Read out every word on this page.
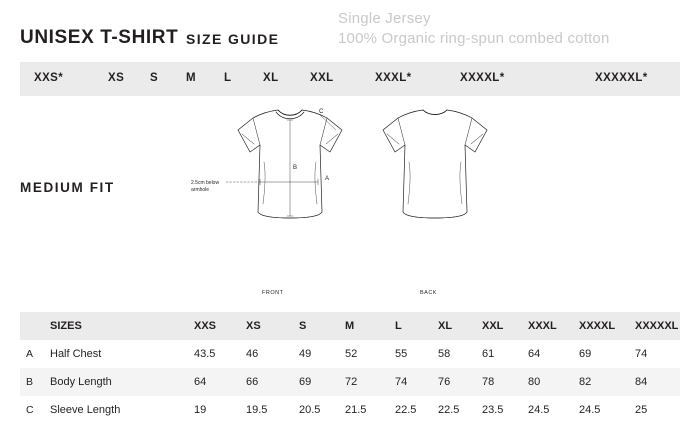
UNISEX T-SHIRT SIZE GUIDE
Single Jersey
100% Organic ring-spun combed cotton
XXS*	XS S M L	XL	XXL	XXXL*	XXXXL*	XXXXXL*
MEDIUM FIT
A
B
C
2.5cm below armhole
FRONT	BACK
SIZES	XXS	XS	S	M	L	XL	XXL XXXL XXXXL XXXXXL
A Half Chest	43.5	46	49	52	55	58	61	64	69	74
B Body Length	64	66	69	72	74	76	78	80	82	84
C Sleeve Length	19	19.5	20.5 21.5	22.5 22.5 23.5 24.5	24.5	25
